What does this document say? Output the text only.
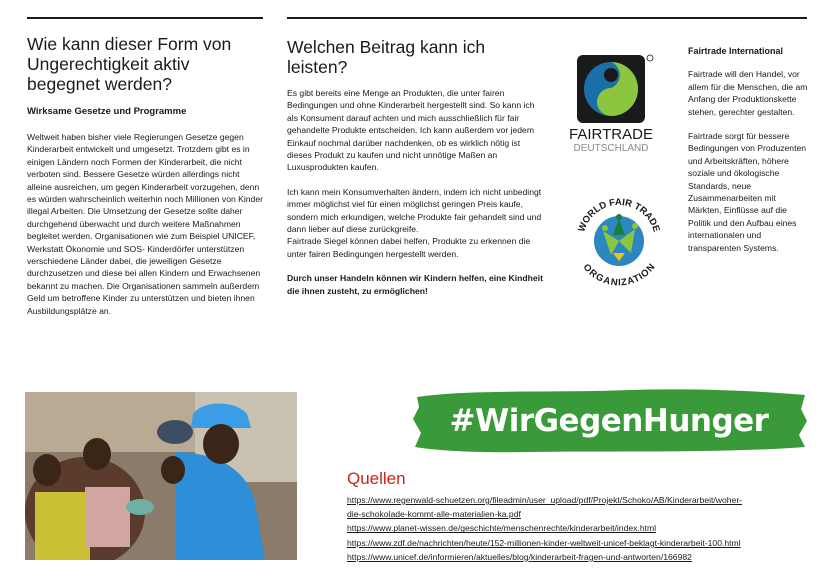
Wie kann dieser Form von Ungerechtigkeit aktiv begegnet werden?

Wirksame Gesetze und Programme

Weltweit haben bisher viele Regierungen Gesetze gegen Kinderarbeit entwickelt und umgesetzt. Trotzdem gibt es in einigen Ländern noch Formen der Kinderarbeit, die nicht verboten sind. Bessere Gesetze würden allerdings nicht alleine ausreichen, um gegen Kinderarbeit vorzugehen, denn es würden wahrscheinlich weiterhin noch Millionen von Kinder illegal Arbeiten. Die Umsetzung der Gesetze sollte daher durchgehend überwacht und durch weitere Maßnahmen begleitet werden. Organisationen wie zum Beispiel UNICEF, Werkstatt Ökonomie und SOS- Kinderdörfer unterstützen verschiedene Länder dabei, die jeweiligen Gesetze durchzusetzen und diese bei allen Kindern und Erwachsenen bekannt zu machen. Die Organisationen sammeln außerdem Geld um betroffene Kinder zu unterstützen und bieten ihnen Ausbildungsplätze an.

Welchen Beitrag kann ich leisten?

Es gibt bereits eine Menge an Produkten, die unter fairen Bedingungen und ohne Kinderarbeit hergestellt sind. So kann ich als Konsument darauf achten und mich ausschließlich für fair gehandelte Produkte entscheiden. Ich kann außerdem vor jedem Einkauf nochmal darüber nachdenken, ob es wirklich nötig ist dieses Produkt zu kaufen und nicht unnötige Maßen an Luxusprodukten kaufen.

Ich kann mein Konsumverhalten ändern, indem ich nicht unbedingt immer möglichst viel für einen möglichst geringen Preis kaufe, sondern mich erkundigen, welche Produkte fair gehandelt sind und dann lieber auf diese zurückgreife.

Fairtrade Siegel können dabei helfen, Produkte zu erkennen die unter fairen Bedingungen hergestellt werden.

Durch unser Handeln können wir Kindern helfen, eine Kindheit die ihnen zusteht, zu ermöglichen!

Fairtrade International

Fairtrade will den Handel, vor allem für die Menschen, die am Anfang der Produktionskette stehen, gerechter gestalten.

Fairtrade sorgt für bessere Bedingungen von Produzenten und Arbeitskräften, höhere soziale und ökologische Standards, neue Zusammenarbeiten mit Märkten, Einflüsse auf die Politik und den Aufbau eines internationalen und transparenten Systems.

FAIRTRADE
DEUTSCHLAND
WORLD FAIR TRADE
ORGANIZATION
#WirGegenHunger
Quellen
https://www.regenwald-schuetzen.org/fileadmin/user_upload/pdf/Projekt/Schoko/AB/Kinderarbeit/woher-
die-schokolade-kommt-alle-materialien-ka.pdf
https://www.planet-wissen.de/geschichte/menschenrechte/kinderarbeit/index.html
https://www.zdf.de/nachrichten/heute/152-millionen-kinder-weltweit-unicef-beklagt-kinderarbeit-100.html
https://www.unicef.de/informieren/aktuelles/blog/kinderarbeit-fragen-und-antworten/166982
